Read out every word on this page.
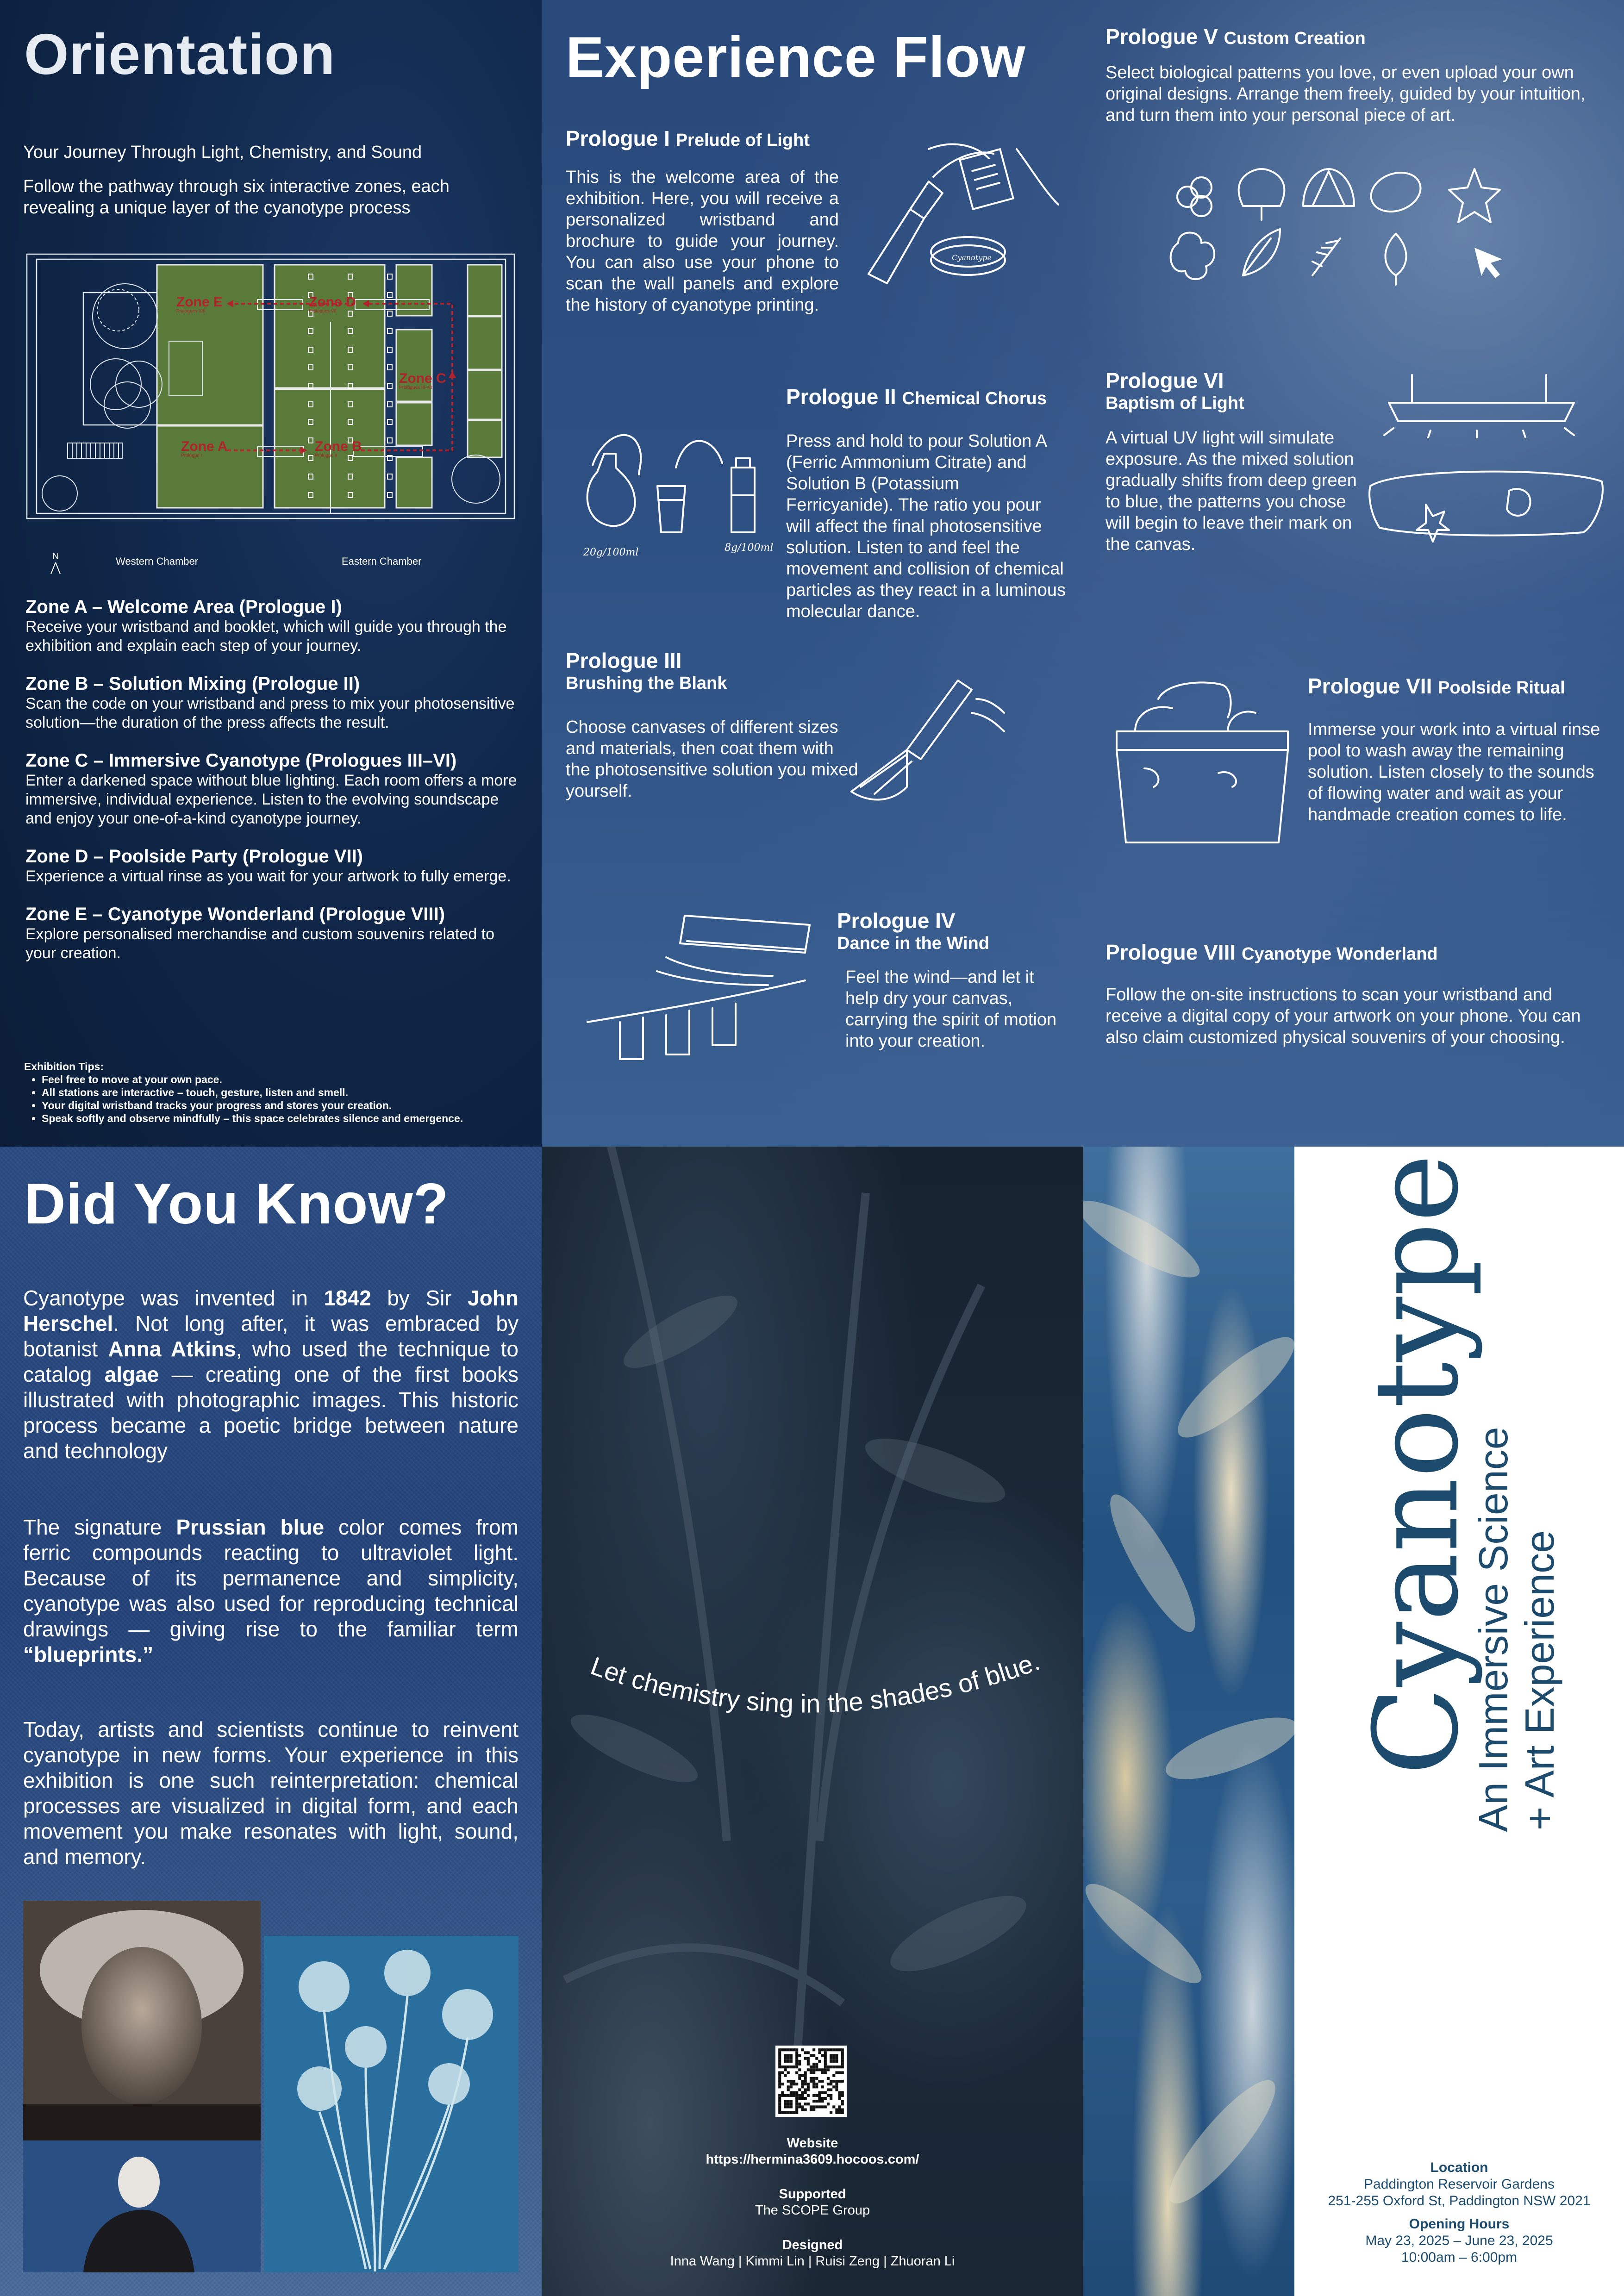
Orientation
Your Journey Through Light, Chemistry, and Sound
Follow the pathway through six interactive zones, each revealing a unique layer of the cyanotype process
Zone E
Prologues VIII
Zone D
Prologues VII
Zone C
Prologues III–VI
Zone A
Prologue I
Zone B
Prologue II
N	Western Chamber	Eastern Chamber
Zone A – Welcome Area (Prologue I)

Receive your wristband and booklet, which will guide you through the exhibition and explain each step of your journey.

Zone B – Solution Mixing (Prologue II)

Scan the code on your wristband and press to mix your photosensitive solution—the duration of the press affects the result.

Zone C – Immersive Cyanotype (Prologues III–VI)

Enter a darkened space without blue lighting. Each room offers a more immersive, individual experience. Listen to the evolving soundscape and enjoy your one-of-a-kind cyanotype journey.

Zone D – Poolside Party (Prologue VII)

Experience a virtual rinse as you wait for your artwork to fully emerge.

Zone E – Cyanotype Wonderland (Prologue VIII)

Explore personalised merchandise and custom souvenirs related to your creation.

Exhibition Tips:
• Feel free to move at your own pace.
• All stations are interactive – touch, gesture, listen and smell.
• Your digital wristband tracks your progress and stores your creation.
• Speak softly and observe mindfully – this space celebrates silence and emergence.
Experience Flow
Prologue I Prelude of Light

This is the welcome area of the exhibition. Here, you will receive a personalized wristband and brochure to guide your journey. You can also use your phone to scan the wall panels and explore the history of cyanotype printing.

Cyanotype
Prologue II Chemical Chorus

Press and hold to pour Solution A (Ferric Ammonium Citrate) and Solution B (Potassium Ferricyanide). The ratio you pour will affect the final photosensitive solution. Listen to and feel the movement and collision of chemical particles as they react in a luminous molecular dance.

20g/100ml	8g/100ml
Prologue III
Brushing the Blank

Choose canvases of different sizes and materials, then coat them with the photosensitive solution you mixed yourself.

Prologue IV
Dance in the Wind

Feel the wind—and let it help dry your canvas, carrying the spirit of motion into your creation.

Prologue V Custom Creation

Select biological patterns you love, or even upload your own original designs. Arrange them freely, guided by your intuition, and turn them into your personal piece of art.

Prologue VI
Baptism of Light

A virtual UV light will simulate exposure. As the mixed solution gradually shifts from deep green to blue, the patterns you chose will begin to leave their mark on the canvas.

Prologue VII Poolside Ritual

Immerse your work into a virtual rinse pool to wash away the remaining solution. Listen closely to the sounds of flowing water and wait as your handmade creation comes to life.

Prologue VIII Cyanotype Wonderland

Follow the on-site instructions to scan your wristband and receive a digital copy of your artwork on your phone. You can also claim customized physical souvenirs of your choosing.

Did You Know?

Cyanotype was invented in 1842 by Sir John Herschel. Not long after, it was embraced by botanist Anna Atkins, who used the technique to catalog algae — creating one of the first books illustrated with photographic images. This historic process became a poetic bridge between nature and technology

The signature Prussian blue color comes from ferric compounds reacting to ultraviolet light. Because of its permanence and simplicity, cyanotype was also used for reproducing technical drawings — giving rise to the familiar term “blueprints.”

Today, artists and scientists continue to reinvent cyanotype in new forms. Your experience in this exhibition is one such reinterpretation: chemical processes are visualized in digital form, and each movement you make resonates with light, sound, and memory.

Let chemistry sing in the shades of blue.
Website
https://hermina3609.hocoos.com/
Supported
The SCOPE Group
Designed
Inna Wang | Kimmi Lin | Ruisi Zeng | Zhuoran Li
Cyanotype
An Immersive Science + Art Experience
Location
Paddington Reservoir Gardens
251-255 Oxford St, Paddington NSW 2021
Opening Hours
May 23, 2025 – June 23, 2025
10:00am – 6:00pm
